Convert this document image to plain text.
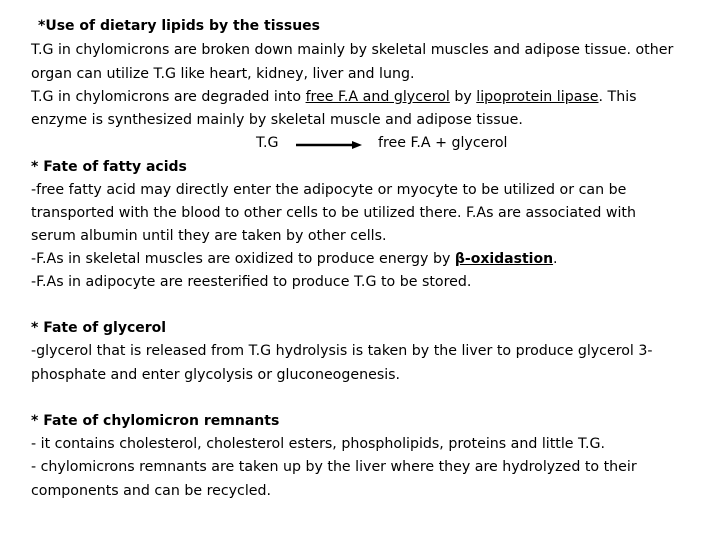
*Use of dietary lipids by the tissues
T.G in chylomicrons are broken down mainly by skeletal muscles and adipose tissue. other
organ can utilize T.G like heart, kidney, liver and lung.
T.G in chylomicrons are degraded into free F.A and glycerol by lipoprotein lipase. This
enzyme is synthesized mainly by skeletal muscle and adipose tissue.
T.G	free F.A + glycerol
* Fate of fatty acids
-free fatty acid may directly enter the adipocyte or myocyte to be utilized or can be
transported with the blood to other cells to be utilized there. F.As are associated with
serum albumin until they are taken by other cells.
-F.As in skeletal muscles are oxidized to produce energy by β-oxidastion.
-F.As in adipocyte are reesterified to produce T.G to be stored.
* Fate of glycerol
-glycerol that is released from T.G hydrolysis is taken by the liver to produce glycerol 3-
phosphate and enter glycolysis or gluconeogenesis.
* Fate of chylomicron remnants
- it contains cholesterol, cholesterol esters, phospholipids, proteins and little T.G.
- chylomicrons remnants are taken up by the liver where they are hydrolyzed to their
components and can be recycled.
